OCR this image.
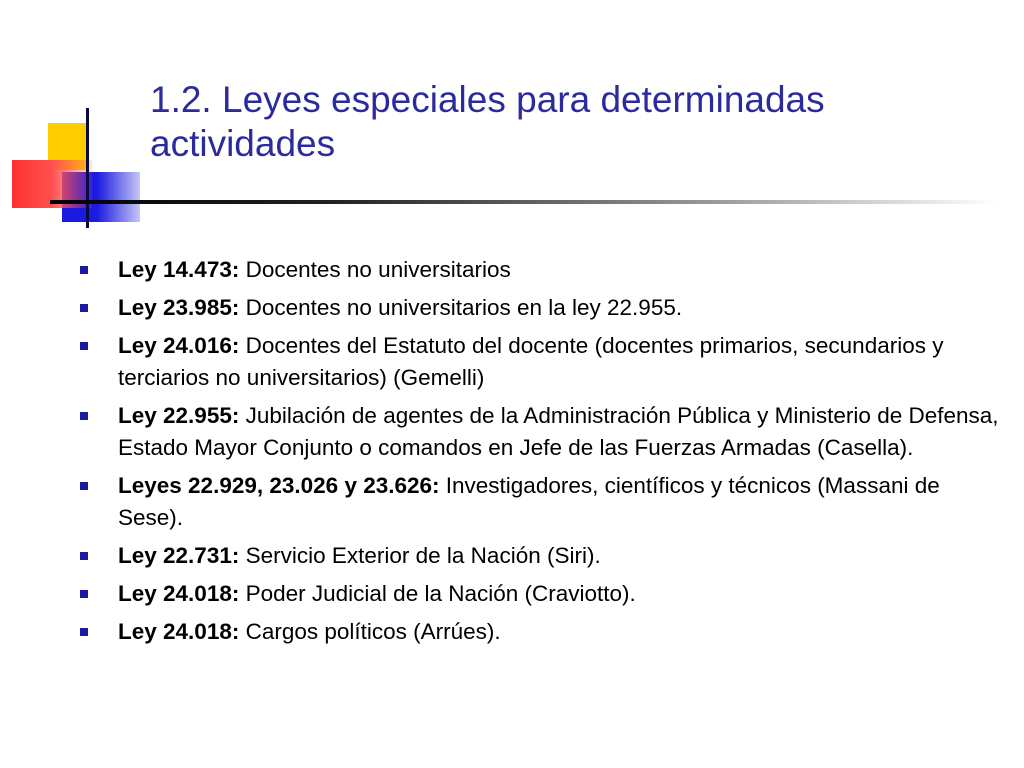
1.2. Leyes especiales para determinadas actividades
Ley 14.473: Docentes no universitarios
Ley 23.985: Docentes no universitarios en la ley 22.955.
Ley 24.016: Docentes del Estatuto del docente (docentes primarios, secundarios y terciarios no universitarios) (Gemelli)
Ley 22.955: Jubilación de agentes de la Administración Pública y Ministerio de Defensa, Estado Mayor Conjunto o comandos en Jefe de las Fuerzas Armadas (Casella).
Leyes 22.929, 23.026 y 23.626: Investigadores, científicos y técnicos (Massani de Sese).
Ley 22.731: Servicio Exterior de la Nación (Siri).
Ley 24.018: Poder Judicial de la Nación (Craviotto).
Ley 24.018: Cargos políticos (Arrúes).
